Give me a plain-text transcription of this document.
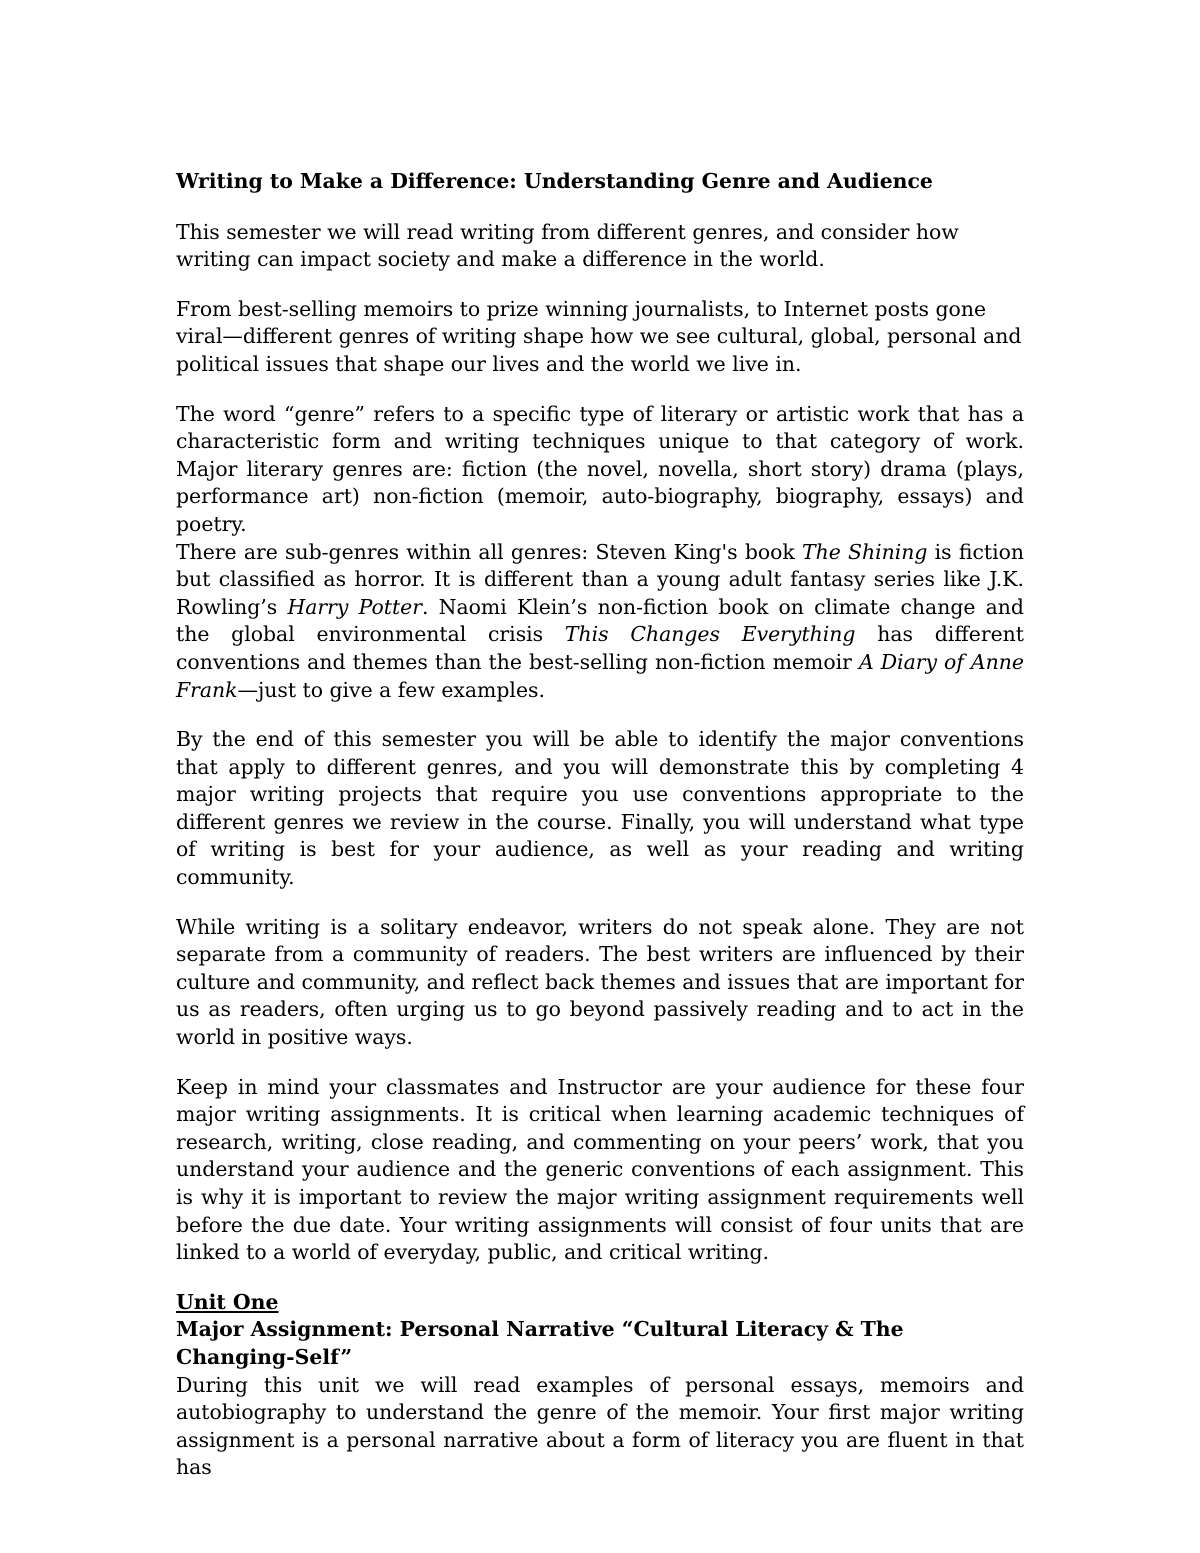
Writing to Make a Difference: Understanding Genre and Audience

This semester we will read writing from different genres, and consider how writing can impact society and make a difference in the world.

From best-selling memoirs to prize winning journalists, to Internet posts gone viral—different genres of writing shape how we see cultural, global, personal and political issues that shape our lives and the world we live in.

The word “genre” refers to a specific type of literary or artistic work that has a characteristic form and writing techniques unique to that category of work. Major literary genres are: fiction (the novel, novella, short story) drama (plays, performance art) non-fiction (memoir, auto-biography, biography, essays) and poetry.

There are sub-genres within all genres: Steven King's book The Shining is fiction but classified as horror. It is different than a young adult fantasy series like J.K. Rowling’s Harry Potter. Naomi Klein’s non-fiction book on climate change and the global environmental crisis This Changes Everything has different conventions and themes than the best-selling non-fiction memoir A Diary of Anne Frank—just to give a few examples.

By the end of this semester you will be able to identify the major conventions that apply to different genres, and you will demonstrate this by completing 4 major writing projects that require you use conventions appropriate to the different genres we review in the course. Finally, you will understand what type of writing is best for your audience, as well as your reading and writing community.

While writing is a solitary endeavor, writers do not speak alone. They are not separate from a community of readers. The best writers are influenced by their culture and community, and reflect back themes and issues that are important for us as readers, often urging us to go beyond passively reading and to act in the world in positive ways.

Keep in mind your classmates and Instructor are your audience for these four major writing assignments. It is critical when learning academic techniques of research, writing, close reading, and commenting on your peers’ work, that you understand your audience and the generic conventions of each assignment. This is why it is important to review the major writing assignment requirements well before the due date. Your writing assignments will consist of four units that are linked to a world of everyday, public, and critical writing.

Unit One

Major Assignment: Personal Narrative “Cultural Literacy & The Changing-Self”

During this unit we will read examples of personal essays, memoirs and autobiography to understand the genre of the memoir. Your first major writing assignment is a personal narrative about a form of literacy you are fluent in that has
